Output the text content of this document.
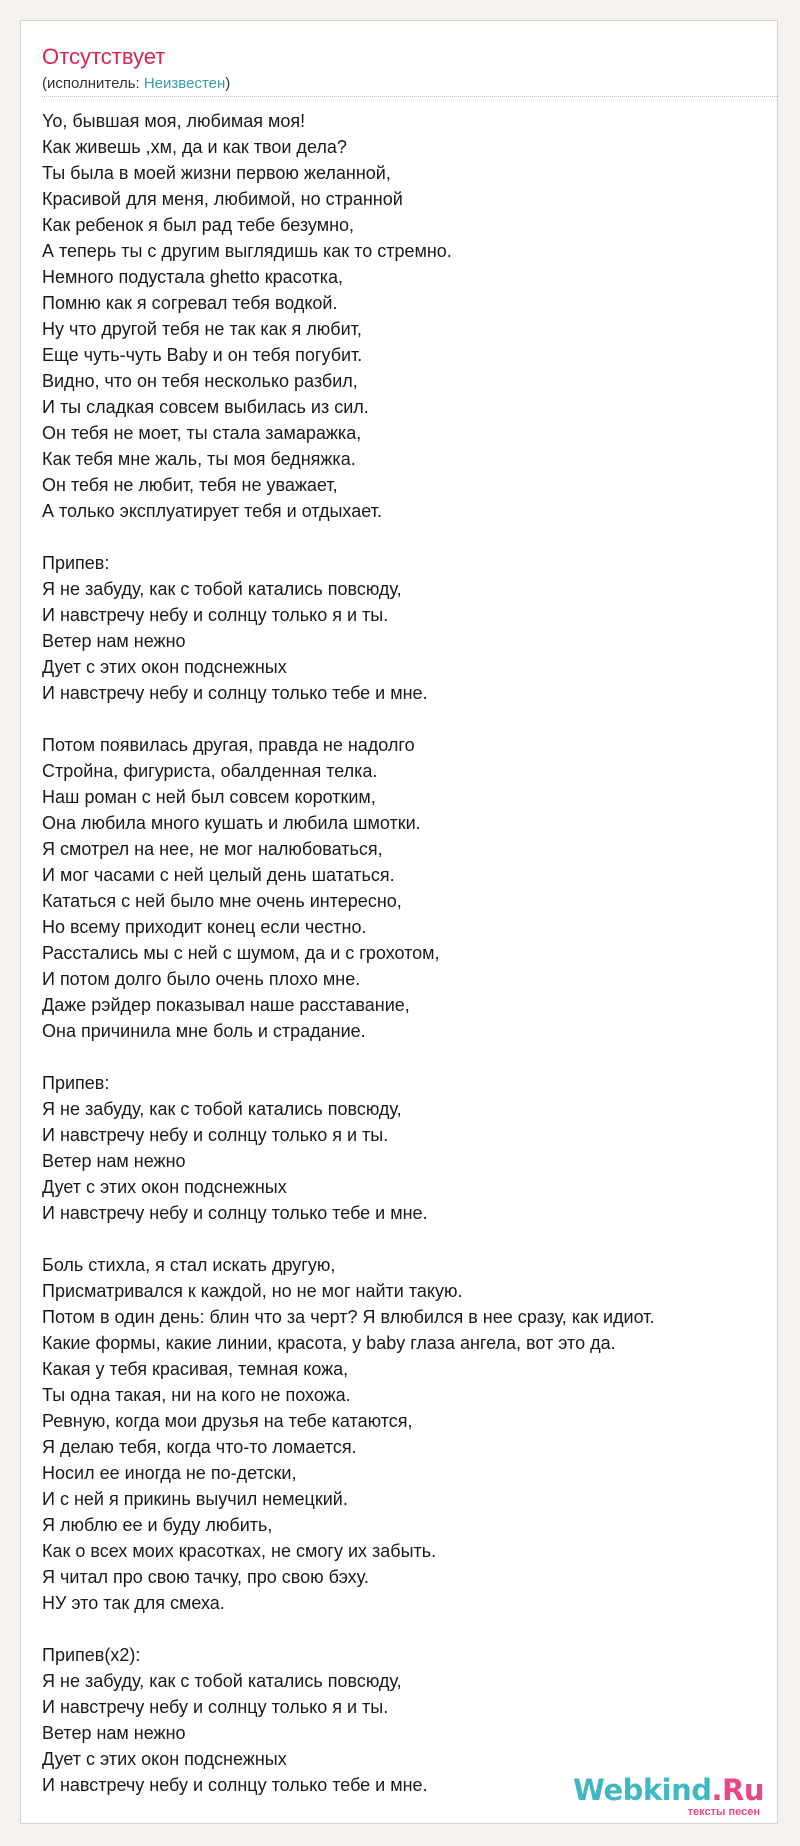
Отсутствует
(исполнитель: Неизвестен)
Yo, бывшая моя, любимая моя!
Как живешь ,хм, да и как твои дела?
Ты была в моей жизни первою желанной,
Красивой для меня, любимой, но странной
Как ребенок я был рад тебе безумно,
А теперь ты с другим выглядишь как то стремно.
Немного подустала ghetto красотка,
Помню как я согревал тебя водкой.
Ну что другой тебя не так как я любит,
Еще чуть-чуть Baby и он тебя погубит.
Видно, что он тебя несколько разбил,
И ты сладкая совсем выбилась из сил.
Он тебя не моет, ты стала замаражка,
Как тебя мне жаль, ты моя бедняжка.
Он тебя не любит, тебя не уважает,
А только эксплуатирует тебя и отдыхает.
Припев:
Я не забуду, как с тобой катались повсюду,
И навстречу небу и солнцу только я и ты.
Ветер нам нежно
Дует с этих окон подснежных
И навстречу небу и солнцу только тебе и мне.
Потом появилась другая, правда не надолго
Стройна, фигуриста, обалденная телка.
Наш роман с ней был совсем коротким,
Она любила много кушать и любила шмотки.
Я смотрел на нее, не мог налюбоваться,
И мог часами с ней целый день шататься.
Кататься с ней было мне очень интересно,
Но всему приходит конец если честно.
Расстались мы с ней с шумом, да и с грохотом,
И потом долго было очень плохо мне.
Даже рэйдер показывал наше расставание,
Она причинила мне боль и страдание.
Припев:
Я не забуду, как с тобой катались повсюду,
И навстречу небу и солнцу только я и ты.
Ветер нам нежно
Дует с этих окон подснежных
И навстречу небу и солнцу только тебе и мне.
Боль стихла, я стал искать другую,
Присматривался к каждой, но не мог найти такую.
Потом в один день: блин что за черт? Я влюбился в нее сразу, как идиот.
Какие формы, какие линии, красота, у baby глаза ангела, вот это да.
Какая у тебя красивая, темная кожа,
Ты одна такая, ни на кого не похожа.
Ревную, когда мои друзья на тебе катаются,
Я делаю тебя, когда что-то ломается.
Носил ее иногда не по-детски,
И с ней я прикинь выучил немецкий.
Я люблю ее и буду любить,
Как о всех моих красотках, не смогу их забыть.
Я читал про свою тачку, про свою бэху.
НУ это так для смеха.
Припев(x2):
Я не забуду, как с тобой катались повсюду,
И навстречу небу и солнцу только я и ты.
Ветер нам нежно
Дует с этих окон подснежных
И навстречу небу и солнцу только тебе и мне.	Webkind.Ru
тексты песен
